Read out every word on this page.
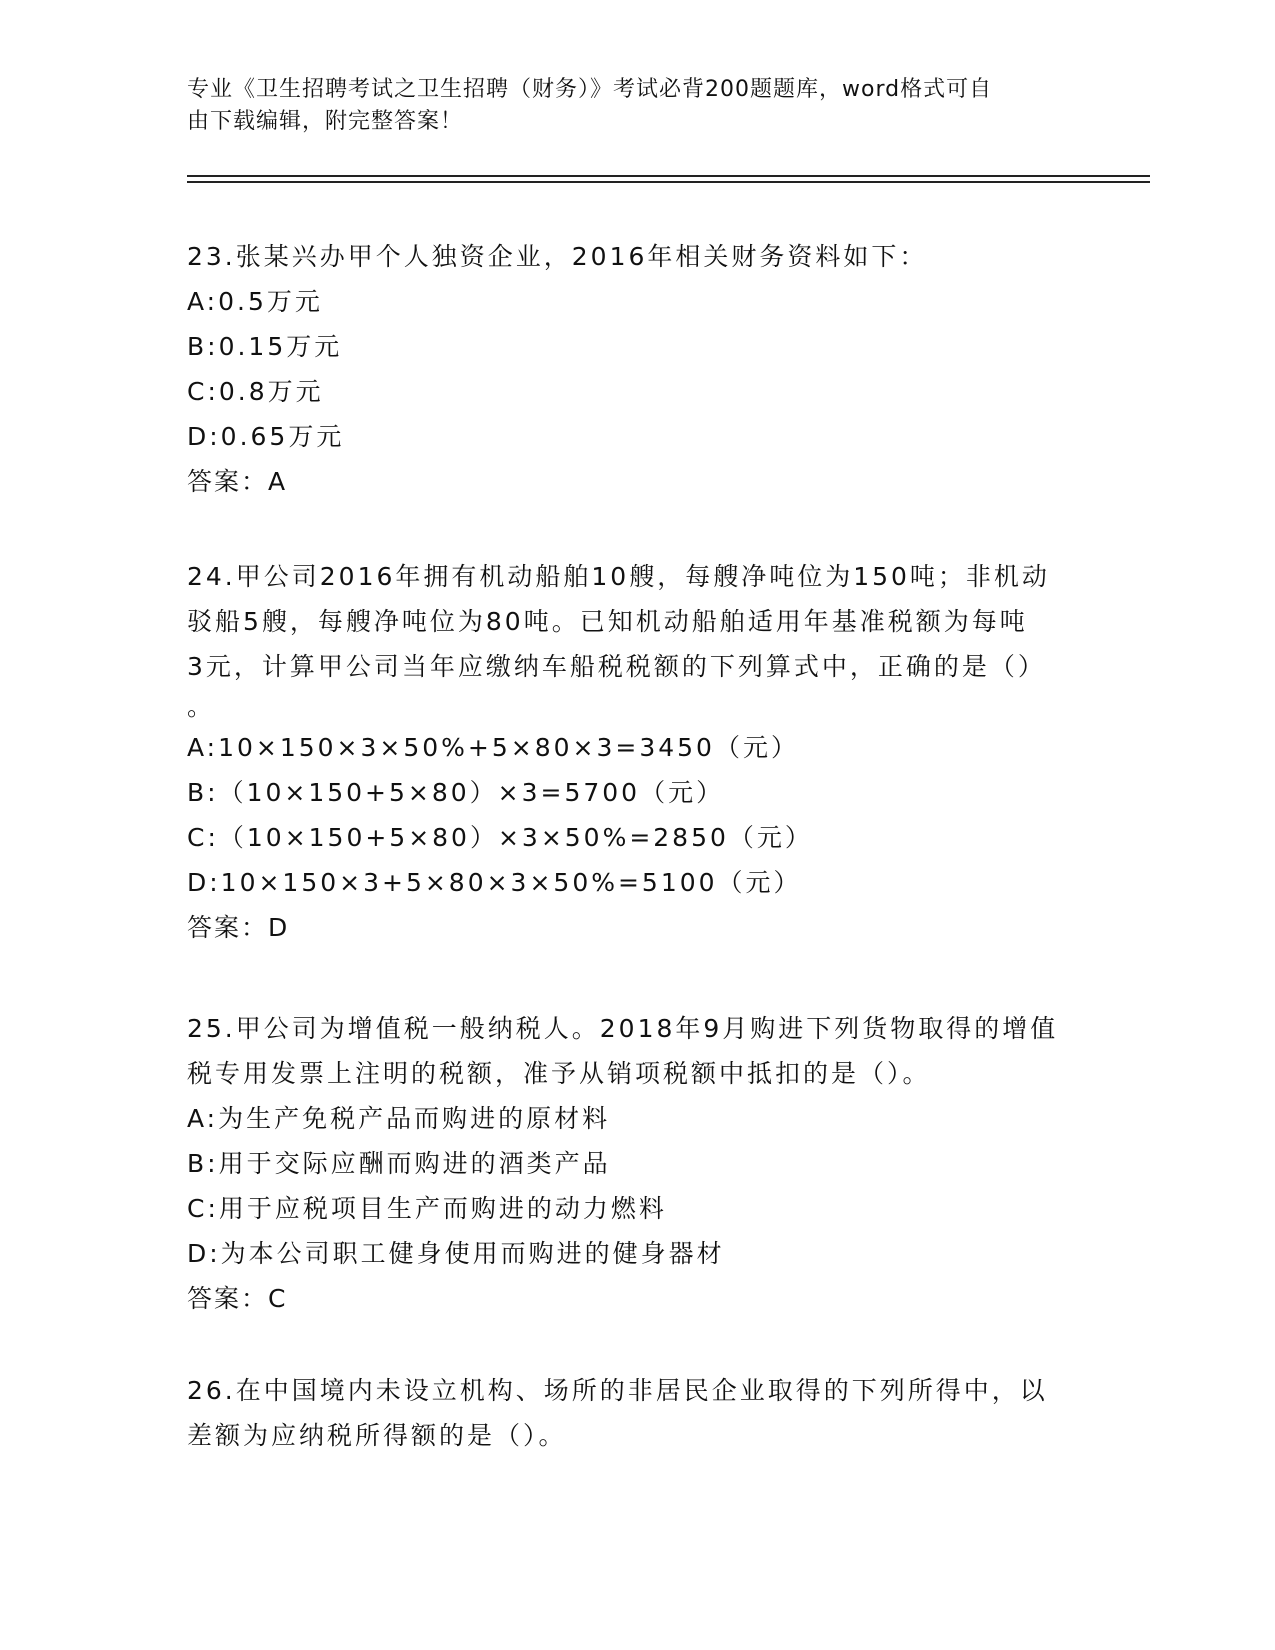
专业《卫生招聘考试之卫生招聘（财务）》考试必背200题题库，word格式可自
由下载编辑，附完整答案！

23.张某兴办甲个人独资企业，2016年相关财务资料如下：

A:0.5万元

B:0.15万元

C:0.8万元

D:0.65万元

答案：A

24.甲公司2016年拥有机动船舶10艘，每艘净吨位为150吨；非机动

驳船5艘，每艘净吨位为80吨。已知机动船舶适用年基准税额为每吨

3元，计算甲公司当年应缴纳车船税税额的下列算式中，正确的是（）

。

A:10×150×3×50%+5×80×3=3450（元）

B:（10×150+5×80）×3=5700（元）

C:（10×150+5×80）×3×50%=2850（元）

D:10×150×3+5×80×3×50%=5100（元）

答案：D

25.甲公司为增值税一般纳税人。2018年9月购进下列货物取得的增值

税专用发票上注明的税额，准予从销项税额中抵扣的是（）。

A:为生产免税产品而购进的原材料

B:用于交际应酬而购进的酒类产品

C:用于应税项目生产而购进的动力燃料

D:为本公司职工健身使用而购进的健身器材

答案：C

26.在中国境内未设立机构、场所的非居民企业取得的下列所得中，以

差额为应纳税所得额的是（）。
